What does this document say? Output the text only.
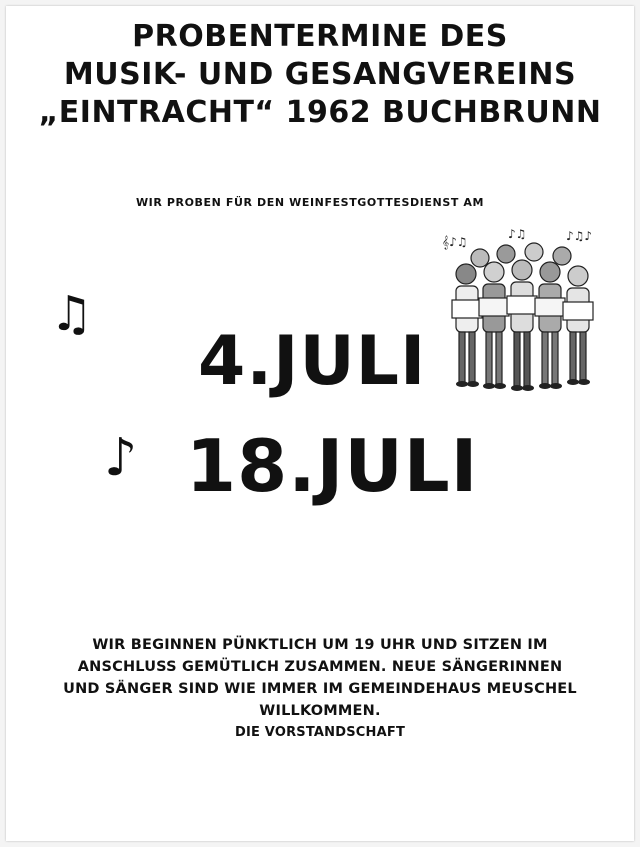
PROBENTERMINE DES
MUSIK- UND GESANGVEREINS
„EINTRACHT“ 1962 BUCHBRUNN
WIR PROBEN FÜR DEN WEINFESTGOTTESDIENST AM
♫
♪
𝄞♪♫
♪♫	♪♫♪
4.JULI
18.JULI
WIR BEGINNEN PÜNKTLICH UM 19 UHR UND SITZEN IM ANSCHLUSS GEMÜTLICH ZUSAMMEN. NEUE SÄNGERINNEN UND SÄNGER SIND WIE IMMER IM GEMEINDEHAUS MEUSCHEL WILLKOMMEN.
DIE VORSTANDSCHAFT
